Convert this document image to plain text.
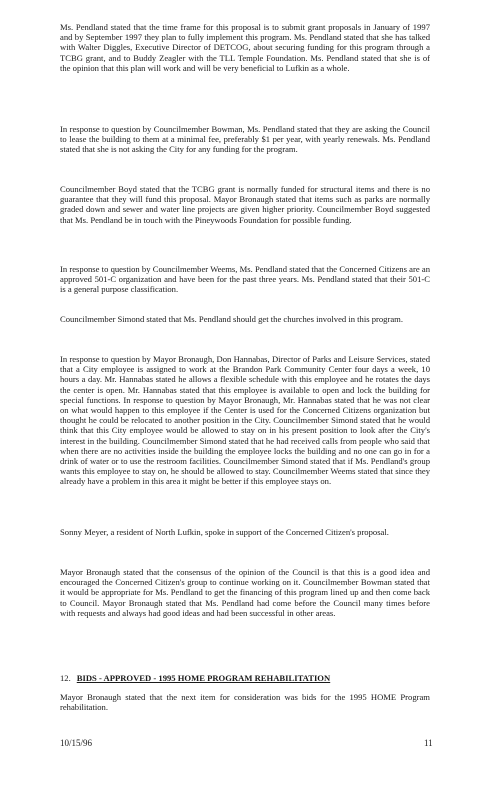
Ms. Pendland stated that the time frame for this proposal is to submit grant proposals in January of 1997 and by September 1997 they plan to fully implement this program. Ms. Pendland stated that she has talked with Walter Diggles, Executive Director of DETCOG, about securing funding for this program through a TCBG grant, and to Buddy Zeagler with the TLL Temple Foundation. Ms. Pendland stated that she is of the opinion that this plan will work and will be very beneficial to Lufkin as a whole.

In response to question by Councilmember Bowman, Ms. Pendland stated that they are asking the Council to lease the building to them at a minimal fee, preferably $1 per year, with yearly renewals. Ms. Pendland stated that she is not asking the City for any funding for the program.

Councilmember Boyd stated that the TCBG grant is normally funded for structural items and there is no guarantee that they will fund this proposal. Mayor Bronaugh stated that items such as parks are normally graded down and sewer and water line projects are given higher priority. Councilmember Boyd suggested that Ms. Pendland be in touch with the Pineywoods Foundation for possible funding.

In response to question by Councilmember Weems, Ms. Pendland stated that the Concerned Citizens are an approved 501-C organization and have been for the past three years. Ms. Pendland stated that their 501-C is a general purpose classification.

Councilmember Simond stated that Ms. Pendland should get the churches involved in this program.

In response to question by Mayor Bronaugh, Don Hannabas, Director of Parks and Leisure Services, stated that a City employee is assigned to work at the Brandon Park Community Center four days a week, 10 hours a day. Mr. Hannabas stated he allows a flexible schedule with this employee and he rotates the days the center is open. Mr. Hannabas stated that this employee is available to open and lock the building for special functions. In response to question by Mayor Bronaugh, Mr. Hannabas stated that he was not clear on what would happen to this employee if the Center is used for the Concerned Citizens organization but thought he could be relocated to another position in the City. Councilmember Simond stated that he would think that this City employee would be allowed to stay on in his present position to look after the City's interest in the building. Councilmember Simond stated that he had received calls from people who said that when there are no activities inside the building the employee locks the building and no one can go in for a drink of water or to use the restroom facilities. Councilmember Simond stated that if Ms. Pendland's group wants this employee to stay on, he should be allowed to stay. Councilmember Weems stated that since they already have a problem in this area it might be better if this employee stays on.

Sonny Meyer, a resident of North Lufkin, spoke in support of the Concerned Citizen's proposal.

Mayor Bronaugh stated that the consensus of the opinion of the Council is that this is a good idea and encouraged the Concerned Citizen's group to continue working on it. Councilmember Bowman stated that it would be appropriate for Ms. Pendland to get the financing of this program lined up and then come back to Council. Mayor Bronaugh stated that Ms. Pendland had come before the Council many times before with requests and always had good ideas and had been successful in other areas.

12. BIDS - APPROVED - 1995 HOME PROGRAM REHABILITATION

Mayor Bronaugh stated that the next item for consideration was bids for the 1995 HOME Program rehabilitation.

10/15/96	11
